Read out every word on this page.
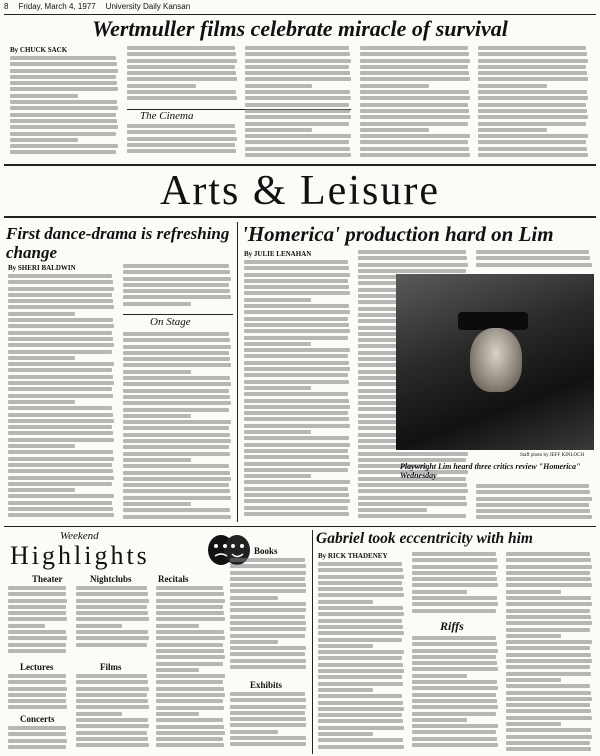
8 Friday, March 4, 1977 University Daily Kansan
Wertmuller films celebrate miracle of survival
By CHUCK SACK
The Cinema
Arts & Leisure
First dance-drama is refreshing change
By SHERI BALDWIN
On Stage
'Homerica' production hard on Lim
By JULIE LENAHAN
Staff photo by JEFF KINLOCH
Playwright Lim heard three critics review "Homerica" Wednesday
Weekend
Highlights
Theater	Nightclubs
Lectures	Films
Concerts
Recitals
Books
Exhibits
Gabriel took eccentricity with him
By RICK THADENEY
Riffs
